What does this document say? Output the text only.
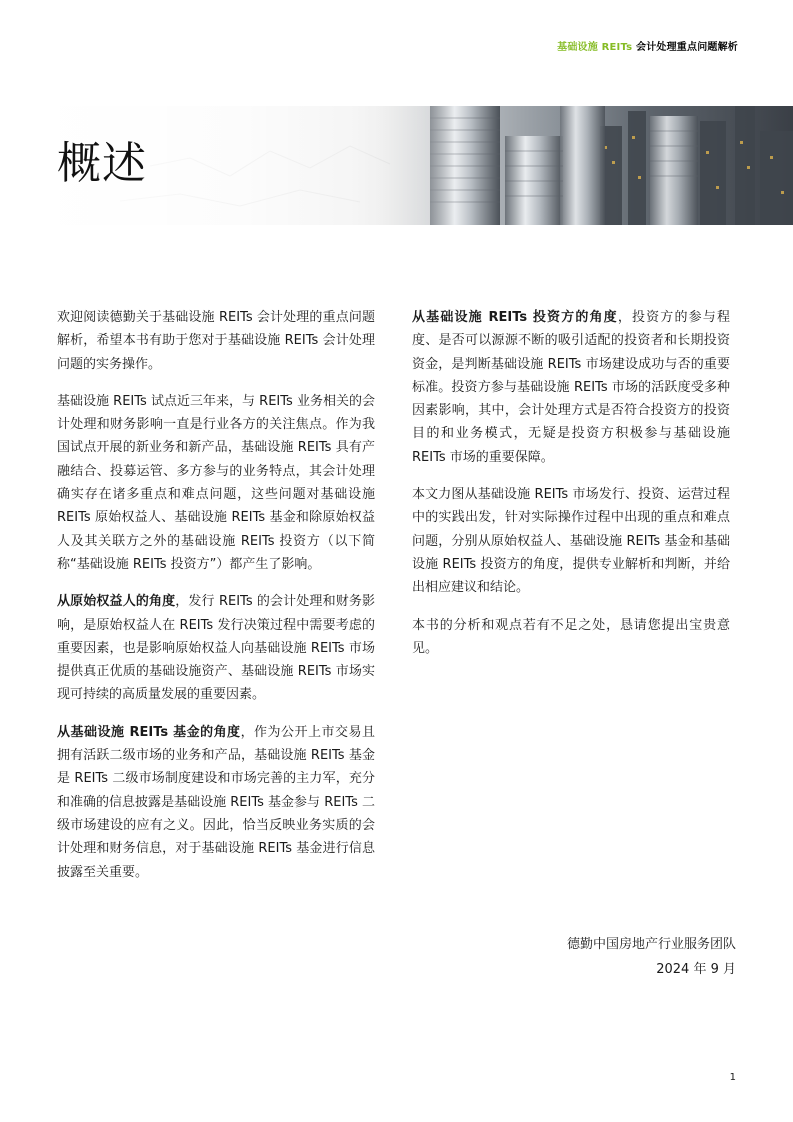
基础设施 REITs 会计处理重点问题解析
概述

欢迎阅读德勤关于基础设施 REITs 会计处理的重点问题解析，希望本书有助于您对于基础设施 REITs 会计处理问题的实务操作。

基础设施 REITs 试点近三年来，与 REITs 业务相关的会计处理和财务影响一直是行业各方的关注焦点。作为我国试点开展的新业务和新产品，基础设施 REITs 具有产融结合、投募运管、多方参与的业务特点，其会计处理确实存在诸多重点和难点问题，这些问题对基础设施 REITs 原始权益人、基础设施 REITs 基金和除原始权益人及其关联方之外的基础设施 REITs 投资方（以下简称“基础设施 REITs 投资方”）都产生了影响。

从原始权益人的角度，发行 REITs 的会计处理和财务影响，是原始权益人在 REITs 发行决策过程中需要考虑的重要因素，也是影响原始权益人向基础设施 REITs 市场提供真正优质的基础设施资产、基础设施 REITs 市场实现可持续的高质量发展的重要因素。

从基础设施 REITs 基金的角度，作为公开上市交易且拥有活跃二级市场的业务和产品，基础设施 REITs 基金是 REITs 二级市场制度建设和市场完善的主力军，充分和准确的信息披露是基础设施 REITs 基金参与 REITs 二级市场建设的应有之义。因此，恰当反映业务实质的会计处理和财务信息，对于基础设施 REITs 基金进行信息披露至关重要。

从基础设施 REITs 投资方的角度，投资方的参与程度、是否可以源源不断的吸引适配的投资者和长期投资资金，是判断基础设施 REITs 市场建设成功与否的重要标准。投资方参与基础设施 REITs 市场的活跃度受多种因素影响，其中，会计处理方式是否符合投资方的投资目的和业务模式，无疑是投资方积极参与基础设施 REITs 市场的重要保障。

本文力图从基础设施 REITs 市场发行、投资、运营过程中的实践出发，针对实际操作过程中出现的重点和难点问题，分别从原始权益人、基础设施 REITs 基金和基础设施 REITs 投资方的角度，提供专业解析和判断，并给出相应建议和结论。

本书的分析和观点若有不足之处，恳请您提出宝贵意见。

德勤中国房地产行业服务团队
2024 年 9 月
1
